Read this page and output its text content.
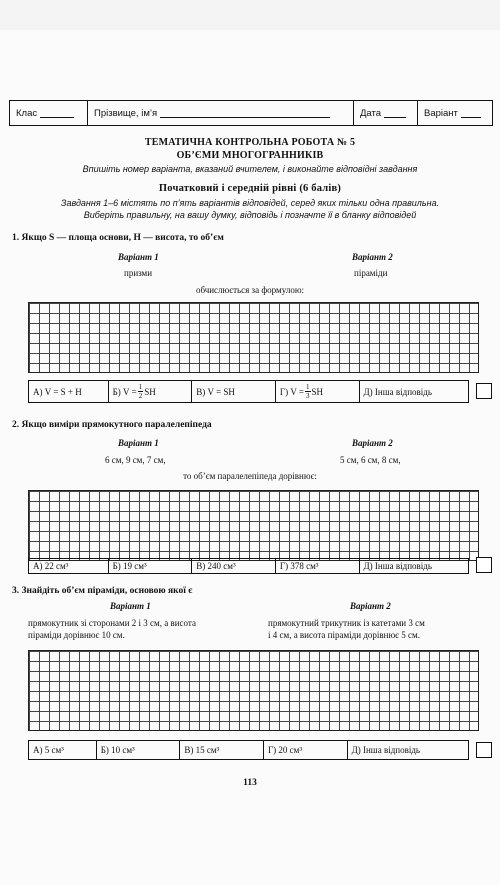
Клас	Прізвище, ім’я	Дата	Варіант
ТЕМАТИЧНА КОНТРОЛЬНА РОБОТА № 5
ОБ’ЄМИ МНОГОГРАННИКІВ
Впишіть номер варіанта, вказаний вчителем, і виконайте відповідні завдання
Початковий і середній рівні (6 балів)
Завдання 1–6 містять по п’ять варіантів відповідей, серед яких тільки одна правильна.
Виберіть правильну, на вашу думку, відповідь і позначте її в бланку відповідей
1. Якщо S — площа основи, H — висота, то об’єм
Варіант 1	Варіант 2
призми	піраміди
обчислюється за формулою:
А) V = S + H	Б) $V = \frac{1}{2}$ SH	В) V = SH	Г) $V = \frac{1}{3}$ SH	Д) Інша відповідь
2. Якщо виміри прямокутного паралелепіпеда
Варіант 1	Варіант 2
6 см, 9 см, 7 см,	5 см, 6 см, 8 см,
то об’єм паралелепіпеда дорівнює:
А) 22 см³	Б) 19 см³	В) 240 см³	Г) 378 см³	Д) Інша відповідь
3. Знайдіть об’єм піраміди, основою якої є
Варіант 1	Варіант 2
прямокутник зі сторонами 2 і 3 см, а висота
піраміди дорівнює 10 см.
прямокутний трикутник із катетами 3 см
і 4 см, а висота піраміди дорівнює 5 см.
А) 5 см³	Б) 10 см³	В) 15 см³	Г) 20 см³	Д) Інша відповідь
113
